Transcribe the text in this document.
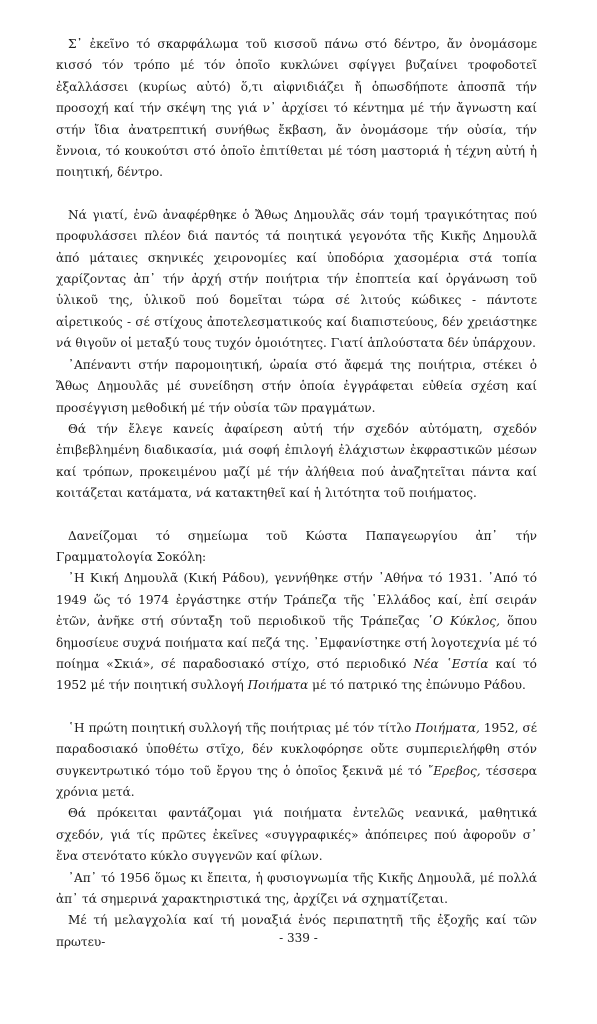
Σ᾽ ἐκεῖνο τό σκαρφάλωμα τοῦ κισσοῦ πάνω στό δέντρο, ἄν ὀνομάσομε κισσό τόν τρόπο μέ τόν ὁποῖο κυκλώνει σφίγγει βυζαίνει τροφοδοτεῖ ἐξαλλάσσει (κυρίως αὐτό) ὅ,τι αἰφνιδιάζει ἤ ὁπωσδήποτε ἀποσπᾶ τήν προσοχή καί τήν σκέψη της γιά ν᾽ ἀρχίσει τό κέντημα μέ τήν ἄγνωστη καί στήν ἴδια ἀνατρεπτική συνήθως ἔκβαση, ἄν ὀνομάσομε τήν οὐσία, τήν ἔννοια, τό κουκούτσι στό ὁποῖο ἐπιτίθεται μέ τόση μαστοριά ἡ τέχνη αὐτή ἡ ποιητική, δέντρο.

Νά γιατί, ἐνῶ ἀναφέρθηκε ὁ Ἄθως Δημουλᾶς σάν τομή τραγικότητας πού προφυλάσσει πλέον διά παντός τά ποιητικά γεγονότα τῆς Κικῆς Δημουλᾶ ἀπό μάταιες σκηνικές χειρονομίες καί ὑποδόρια χασομέρια στά τοπία χαρίζοντας ἀπ᾽ τήν ἀρχή στήν ποιήτρια τήν ἐποπτεία καί ὀργάνωση τοῦ ὑλικοῦ της, ὑλικοῦ πού δομεῖται τώρα σέ λιτούς κώδικες - πάντοτε αἱρετικούς - σέ στίχους ἀποτελεσματικούς καί διαπιστεύους, δέν χρειάστηκε νά θιγοῦν οἱ μεταξύ τους τυχόν ὁμοιότητες. Γιατί ἁπλούστατα δέν ὑπάρχουν.

᾽Απέναντι στήν παρομοιητική, ὡραία στό ἄφεμά της ποιήτρια, στέκει ὁ Ἄθως Δημουλᾶς μέ συνείδηση στήν ὁποία ἐγγράφεται εὐθεία σχέση καί προσέγγιση μεθοδική μέ τήν οὐσία τῶν πραγμάτων.

Θά τήν ἔλεγε κανείς ἀφαίρεση αὐτή τήν σχεδόν αὐτόματη, σχεδόν ἐπιβεβλημένη διαδικασία, μιά σοφή ἐπιλογή ἐλάχιστων ἐκφραστικῶν μέσων καί τρόπων, προκειμένου μαζί μέ τήν ἀλήθεια πού ἀναζητεῖται πάντα καί κοιτάζεται κατάματα, νά κατακτηθεῖ καί ἡ λιτότητα τοῦ ποιήματος.

Δανείζομαι τό σημείωμα τοῦ Κώστα Παπαγεωργίου ἀπ᾽ τήν Γραμματολογία Σοκόλη:

᾽Η Κική Δημουλᾶ (Κική Ράδου), γεννήθηκε στήν ᾽Αθήνα τό 1931. ᾽Από τό 1949 ὥς τό 1974 ἐργάστηκε στήν Τράπεζα τῆς ῾Ελλάδος καί, ἐπί σειράν ἐτῶν, ἀνῆκε στή σύνταξη τοῦ περιοδικοῦ τῆς Τράπεζας ῾Ο Κύκλος, ὅπου δημοσίευε συχνά ποιήματα καί πεζά της. ᾽Εμφανίστηκε στή λογοτεχνία μέ τό ποίημα «Σκιά», σέ παραδοσιακό στίχο, στό περιοδικό Νέα ῾Εστία καί τό 1952 μέ τήν ποιητική συλλογή Ποιήματα μέ τό πατρικό της ἐπώνυμο Ράδου.

῾Η πρώτη ποιητική συλλογή τῆς ποιήτριας μέ τόν τίτλο Ποιήματα, 1952, σέ παραδοσιακό ὑποθέτω στῖχο, δέν κυκλοφόρησε οὔτε συμπεριελήφθη στόν συγκεντρωτικό τόμο τοῦ ἔργου της ὁ ὁποῖος ξεκινᾶ μέ τό ῎Ερεβος, τέσσερα χρόνια μετά.

Θά πρόκειται φαντάζομαι γιά ποιήματα ἐντελῶς νεανικά, μαθητικά σχεδόν, γιά τίς πρῶτες ἐκεῖνες «συγγραφικές» ἀπόπειρες πού ἀφοροῦν σ᾽ ἕνα στενότατο κύκλο συγγενῶν καί φίλων.

᾽Απ᾽ τό 1956 ὅμως κι ἔπειτα, ἡ φυσιογνωμία τῆς Κικῆς Δημουλᾶ, μέ πολλά ἀπ᾽ τά σημερινά χαρακτηριστικά της, ἀρχίζει νά σχηματίζεται.

Μέ τή μελαγχολία καί τή μοναξιά ἑνός περιπατητῆ τῆς ἐξοχῆς καί τῶν πρωτευ-	- 339 -
